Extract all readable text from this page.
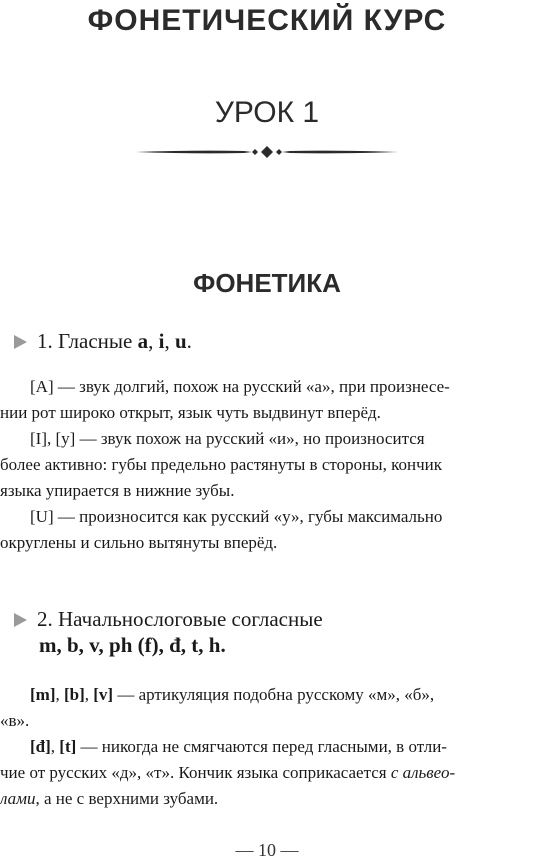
ФОНЕТИЧЕСКИЙ КУРС
УРОК 1
ФОНЕТИКА
1. Гласные a, i, u.

[A] — звук долгий, похож на русский «а», при произнесе-
нии рот широко открыт, язык чуть выдвинут вперёд.

[I], [y] — звук похож на русский «и», но произносится
более активно: губы предельно растянуты в стороны, кончик
языка упирается в нижние зубы.

[U] — произносится как русский «у», губы максимально
округлены и сильно вытянуты вперёд.

2. Начальнослоговые согласные
m, b, v, ph (f), đ, t, h.

[m], [b], [v] — артикуляция подобна русскому «м», «б»,
«в».

[đ], [t] — никогда не смягчаются перед гласными, в отли-
чие от русских «д», «т». Кончик языка соприкасается с альвео-
лами, а не с верхними зубами.

— 10 —
